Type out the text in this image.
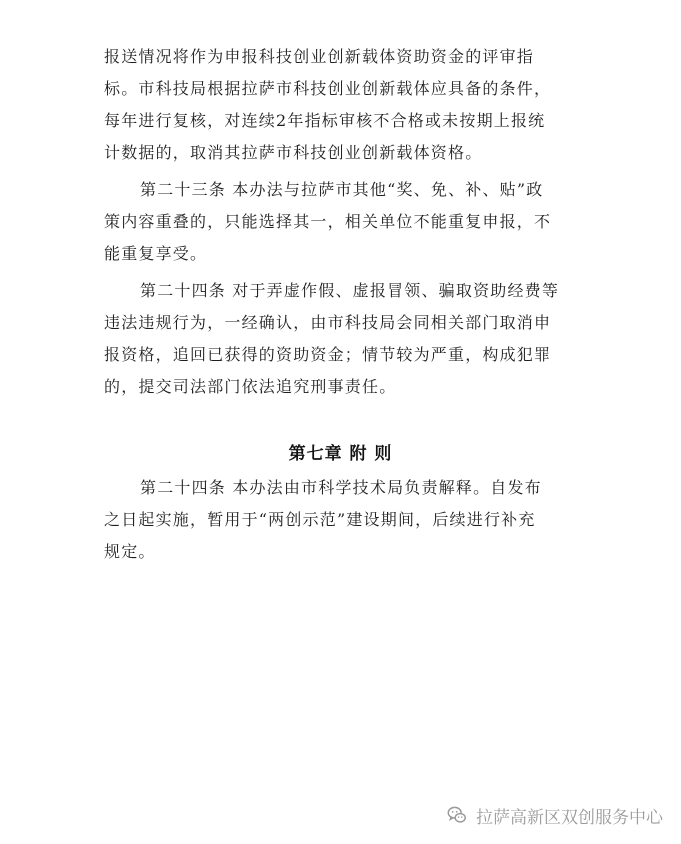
报送情况将作为申报科技创业创新载体资助资金的评审指
标。市科技局根据拉萨市科技创业创新载体应具备的条件，
每年进行复核，对连续2年指标审核不合格或未按期上报统
计数据的，取消其拉萨市科技创业创新载体资格。
第二十三条 本办法与拉萨市其他“奖、免、补、贴”政
策内容重叠的，只能选择其一，相关单位不能重复申报，不
能重复享受。
第二十四条 对于弄虚作假、虚报冒领、骗取资助经费等
违法违规行为，一经确认，由市科技局会同相关部门取消申
报资格，追回已获得的资助资金；情节较为严重，构成犯罪
的，提交司法部门依法追究刑事责任。
第七章 附 则
第二十四条 本办法由市科学技术局负责解释。自发布
之日起实施，暂用于“两创示范”建设期间，后续进行补充
规定。
拉萨高新区双创服务中心
